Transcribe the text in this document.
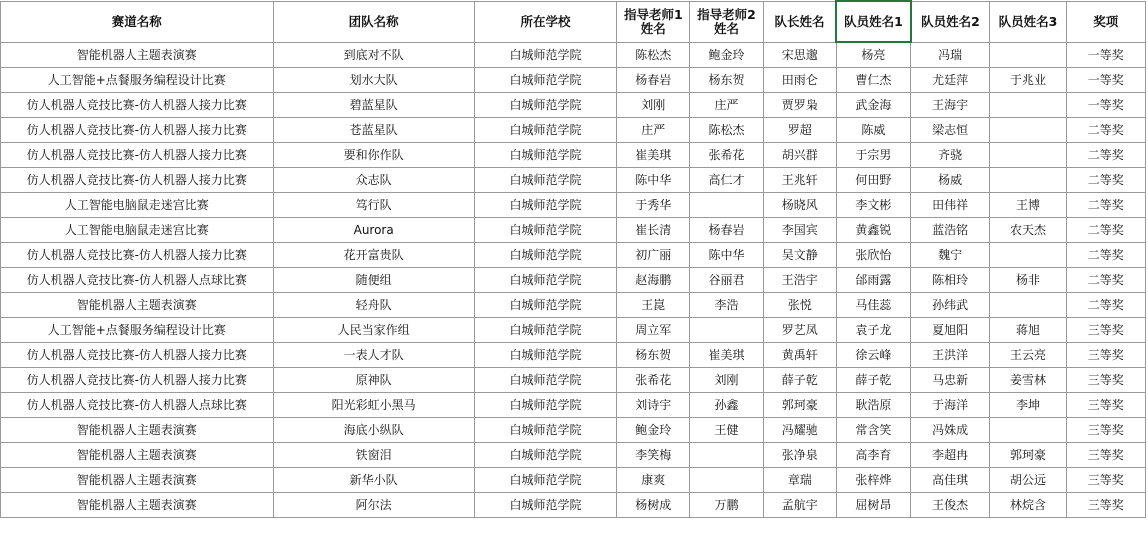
赛道名称	团队名称	所在学校	指导老师1姓名	指导老师2姓名	队长姓名	队员姓名1	队员姓名2	队员姓名3	奖项
智能机器人主题表演赛	到底对不队	白城师范学院	陈松杰	鲍金玲	宋思邈	杨亮	冯瑞		一等奖
人工智能+点餐服务编程设计比赛	划水大队	白城师范学院	杨春岩	杨东贺	田雨仑	曹仁杰	尤廷萍	于兆业	一等奖
仿人机器人竞技比赛-仿人机器人接力比赛	碧蓝星队	白城师范学院	刘刚	庄严	贾罗枭	武金海	王海宇		一等奖
仿人机器人竞技比赛-仿人机器人接力比赛	苍蓝星队	白城师范学院	庄严	陈松杰	罗超	陈威	梁志恒		二等奖
仿人机器人竞技比赛-仿人机器人接力比赛	要和你作队	白城师范学院	崔美琪	张希花	胡兴群	于宗男	齐骁		二等奖
仿人机器人竞技比赛-仿人机器人接力比赛	众志队	白城师范学院	陈中华	高仁才	王兆轩	何田野	杨威		二等奖
人工智能电脑鼠走迷宫比赛	笃行队	白城师范学院	于秀华		杨晓风	李文彬	田伟祥	王博	二等奖
人工智能电脑鼠走迷宫比赛	Aurora	白城师范学院	崔长清	杨春岩	李国宾	黄鑫锐	蓝浩铭	农天杰	二等奖
仿人机器人竞技比赛-仿人机器人接力比赛	花开富贵队	白城师范学院	初广丽	陈中华	吴文静	张欣怡	魏宁		二等奖
仿人机器人竞技比赛-仿人机器人点球比赛	随便组	白城师范学院	赵海鹏	谷丽君	王浩宇	邰雨露	陈相玲	杨非	二等奖
智能机器人主题表演赛	轻舟队	白城师范学院	王崑	李浩	张悦	马佳蕊	孙纬武		二等奖
人工智能+点餐服务编程设计比赛	人民当家作组	白城师范学院	周立军		罗艺凤	袁子龙	夏旭阳	蒋旭	三等奖
仿人机器人竞技比赛-仿人机器人接力比赛	一表人才队	白城师范学院	杨东贺	崔美琪	黄禹轩	徐云峰	王洪洋	王云亮	三等奖
仿人机器人竞技比赛-仿人机器人接力比赛	原神队	白城师范学院	张希花	刘刚	薛子乾	薛子乾	马忠新	姜雪林	三等奖
仿人机器人竞技比赛-仿人机器人点球比赛	阳光彩虹小黑马	白城师范学院	刘诗宇	孙鑫	郭珂豪	耿浩原	于海洋	李坤	三等奖
智能机器人主题表演赛	海底小纵队	白城师范学院	鲍金玲	王健	冯耀驰	常含笑	冯姝成		三等奖
智能机器人主题表演赛	铁窗泪	白城师范学院	李笑梅		张净泉	高李育	李超冉	郭珂豪	三等奖
智能机器人主题表演赛	新华小队	白城师范学院	康爽		章瑞	张梓烨	高佳琪	胡公远	三等奖
智能机器人主题表演赛	阿尔法	白城师范学院	杨树成	万鹏	孟航宇	屈树昂	王俊杰	林烷含	三等奖
